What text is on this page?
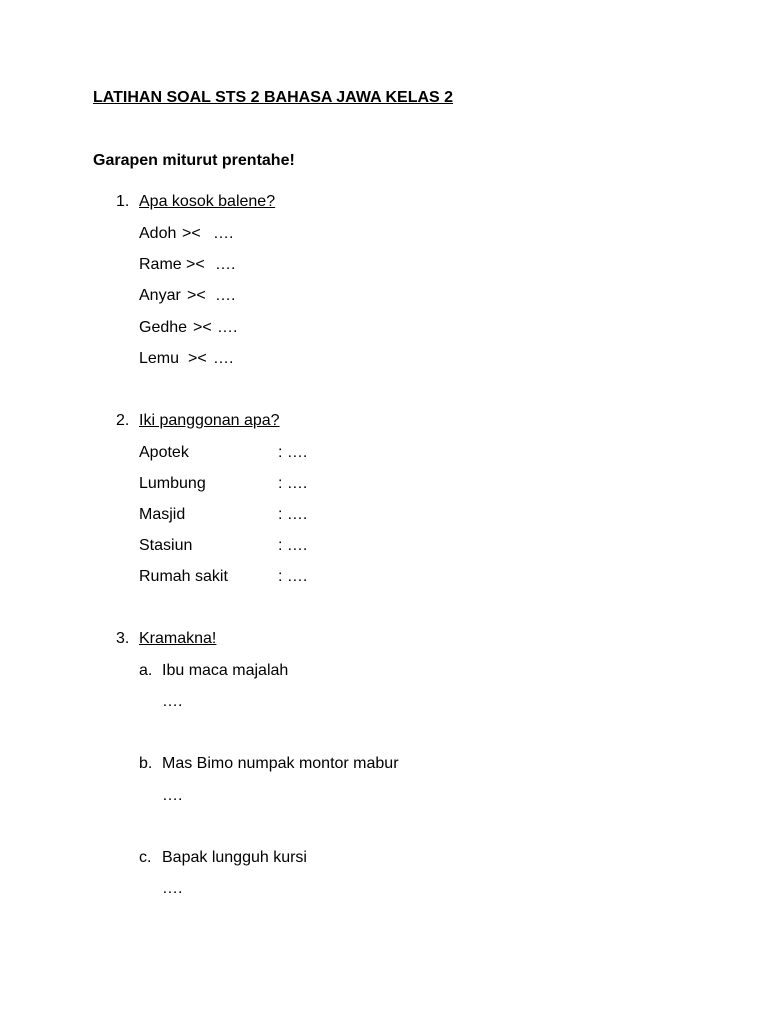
LATIHAN SOAL STS 2 BAHASA JAWA KELAS 2
Garapen miturut prentahe!
1. Apa kosok balene?
Adoh >< ….
Rame >< ….
Anyar >< ….
Gedhe >< ….
Lemu >< ….
2. Iki panggonan apa?
Apotek	: ….
Lumbung	: ….
Masjid	: ….
Stasiun	: ….
Rumah sakit	: ….
3. Kramakna!
a. Ibu maca majalah
….
b. Mas Bimo numpak montor mabur
….
c. Bapak lungguh kursi
….
